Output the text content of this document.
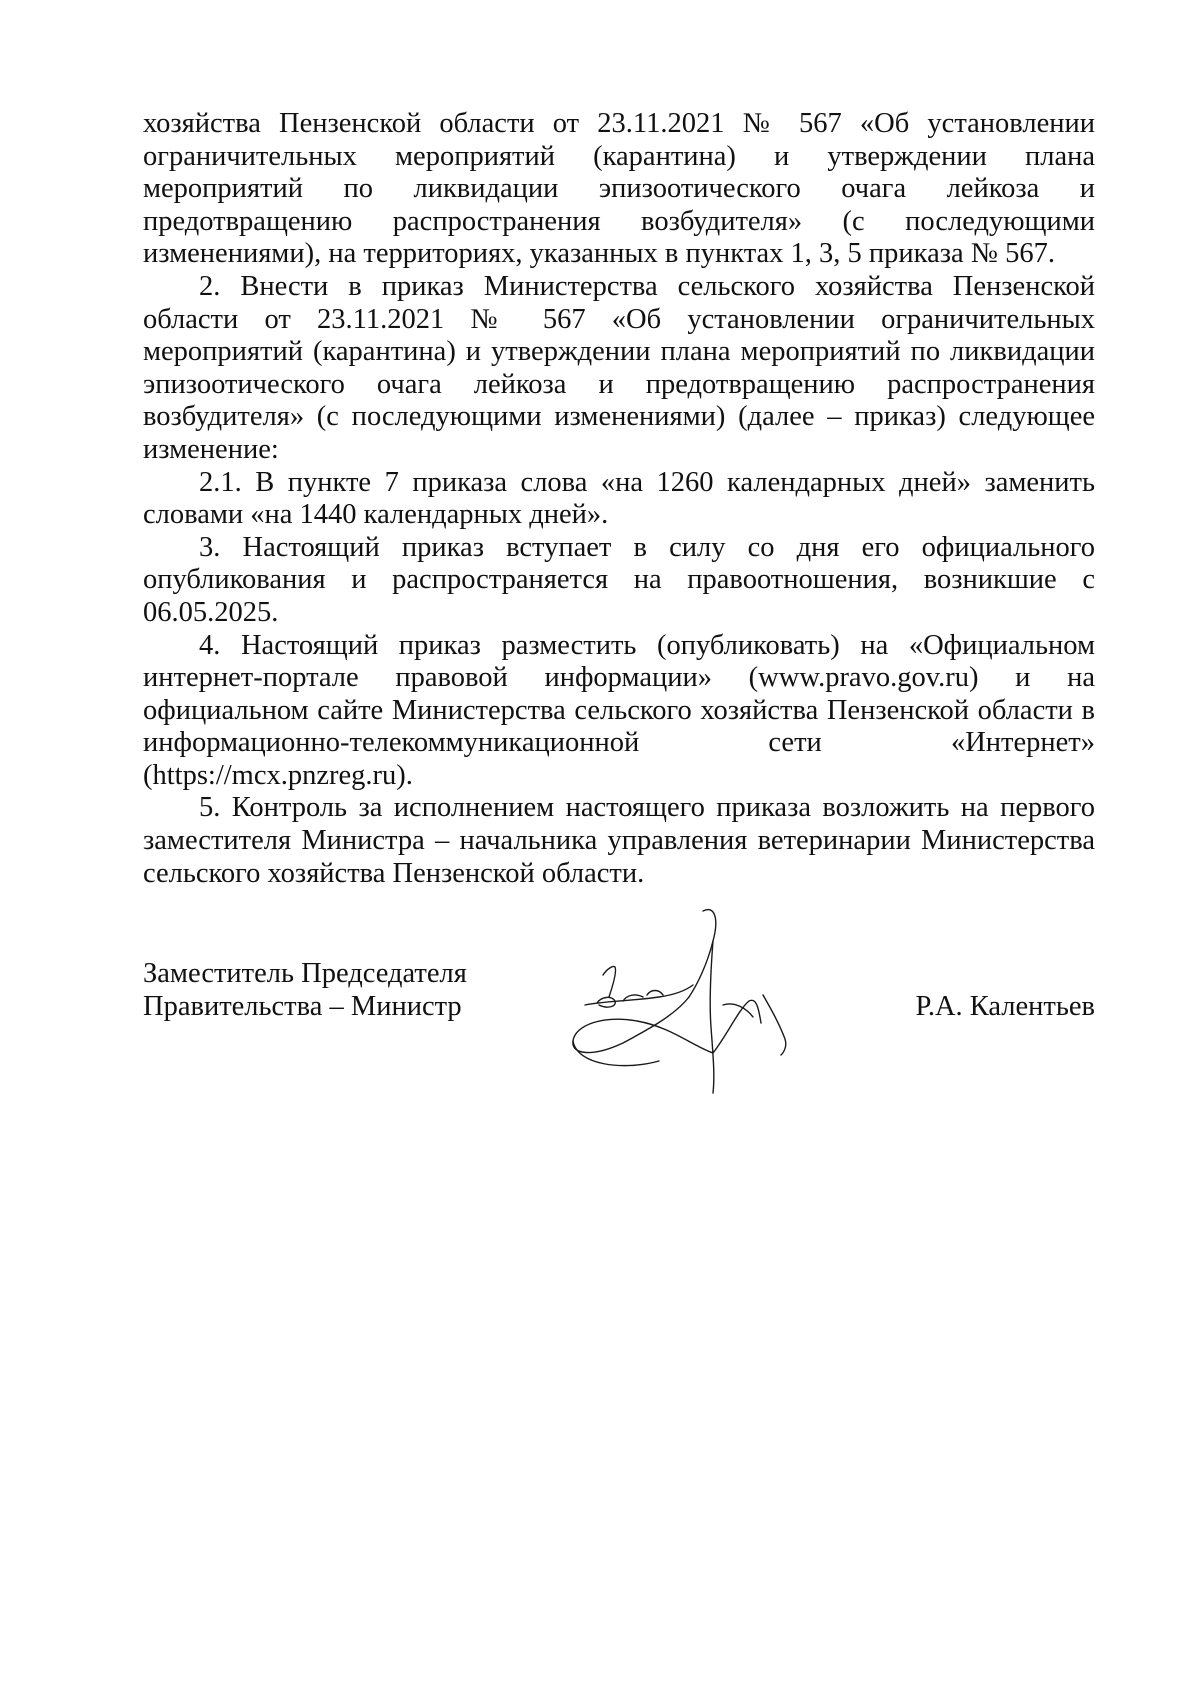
хозяйства Пензенской области от 23.11.2021 № 567 «Об установлении ограничительных мероприятий (карантина) и утверждении плана мероприятий по ликвидации эпизоотического очага лейкоза и предотвращению распространения возбудителя» (с последующими изменениями), на территориях, указанных в пунктах 1, 3, 5 приказа № 567.

2. Внести в приказ Министерства сельского хозяйства Пензенской области от 23.11.2021 № 567 «Об установлении ограничительных мероприятий (карантина) и утверждении плана мероприятий по ликвидации эпизоотического очага лейкоза и предотвращению распространения возбудителя» (с последующими изменениями) (далее – приказ) следующее изменение:

2.1. В пункте 7 приказа слова «на 1260 календарных дней» заменить словами «на 1440 календарных дней».

3. Настоящий приказ вступает в силу со дня его официального опубликования и распространяется на правоотношения, возникшие с 06.05.2025.

4. Настоящий приказ разместить (опубликовать) на «Официальном интернет-портале правовой информации» (www.pravo.gov.ru) и на официальном сайте Министерства сельского хозяйства Пензенской области в информационно-телекоммуникационной сети «Интернет» (https://mcx.pnzreg.ru).

5. Контроль за исполнением настоящего приказа возложить на первого заместителя Министра – начальника управления ветеринарии Министерства сельского хозяйства Пензенской области.

Заместитель Председателя
Правительства – Министр	Р.А. Калентьев
